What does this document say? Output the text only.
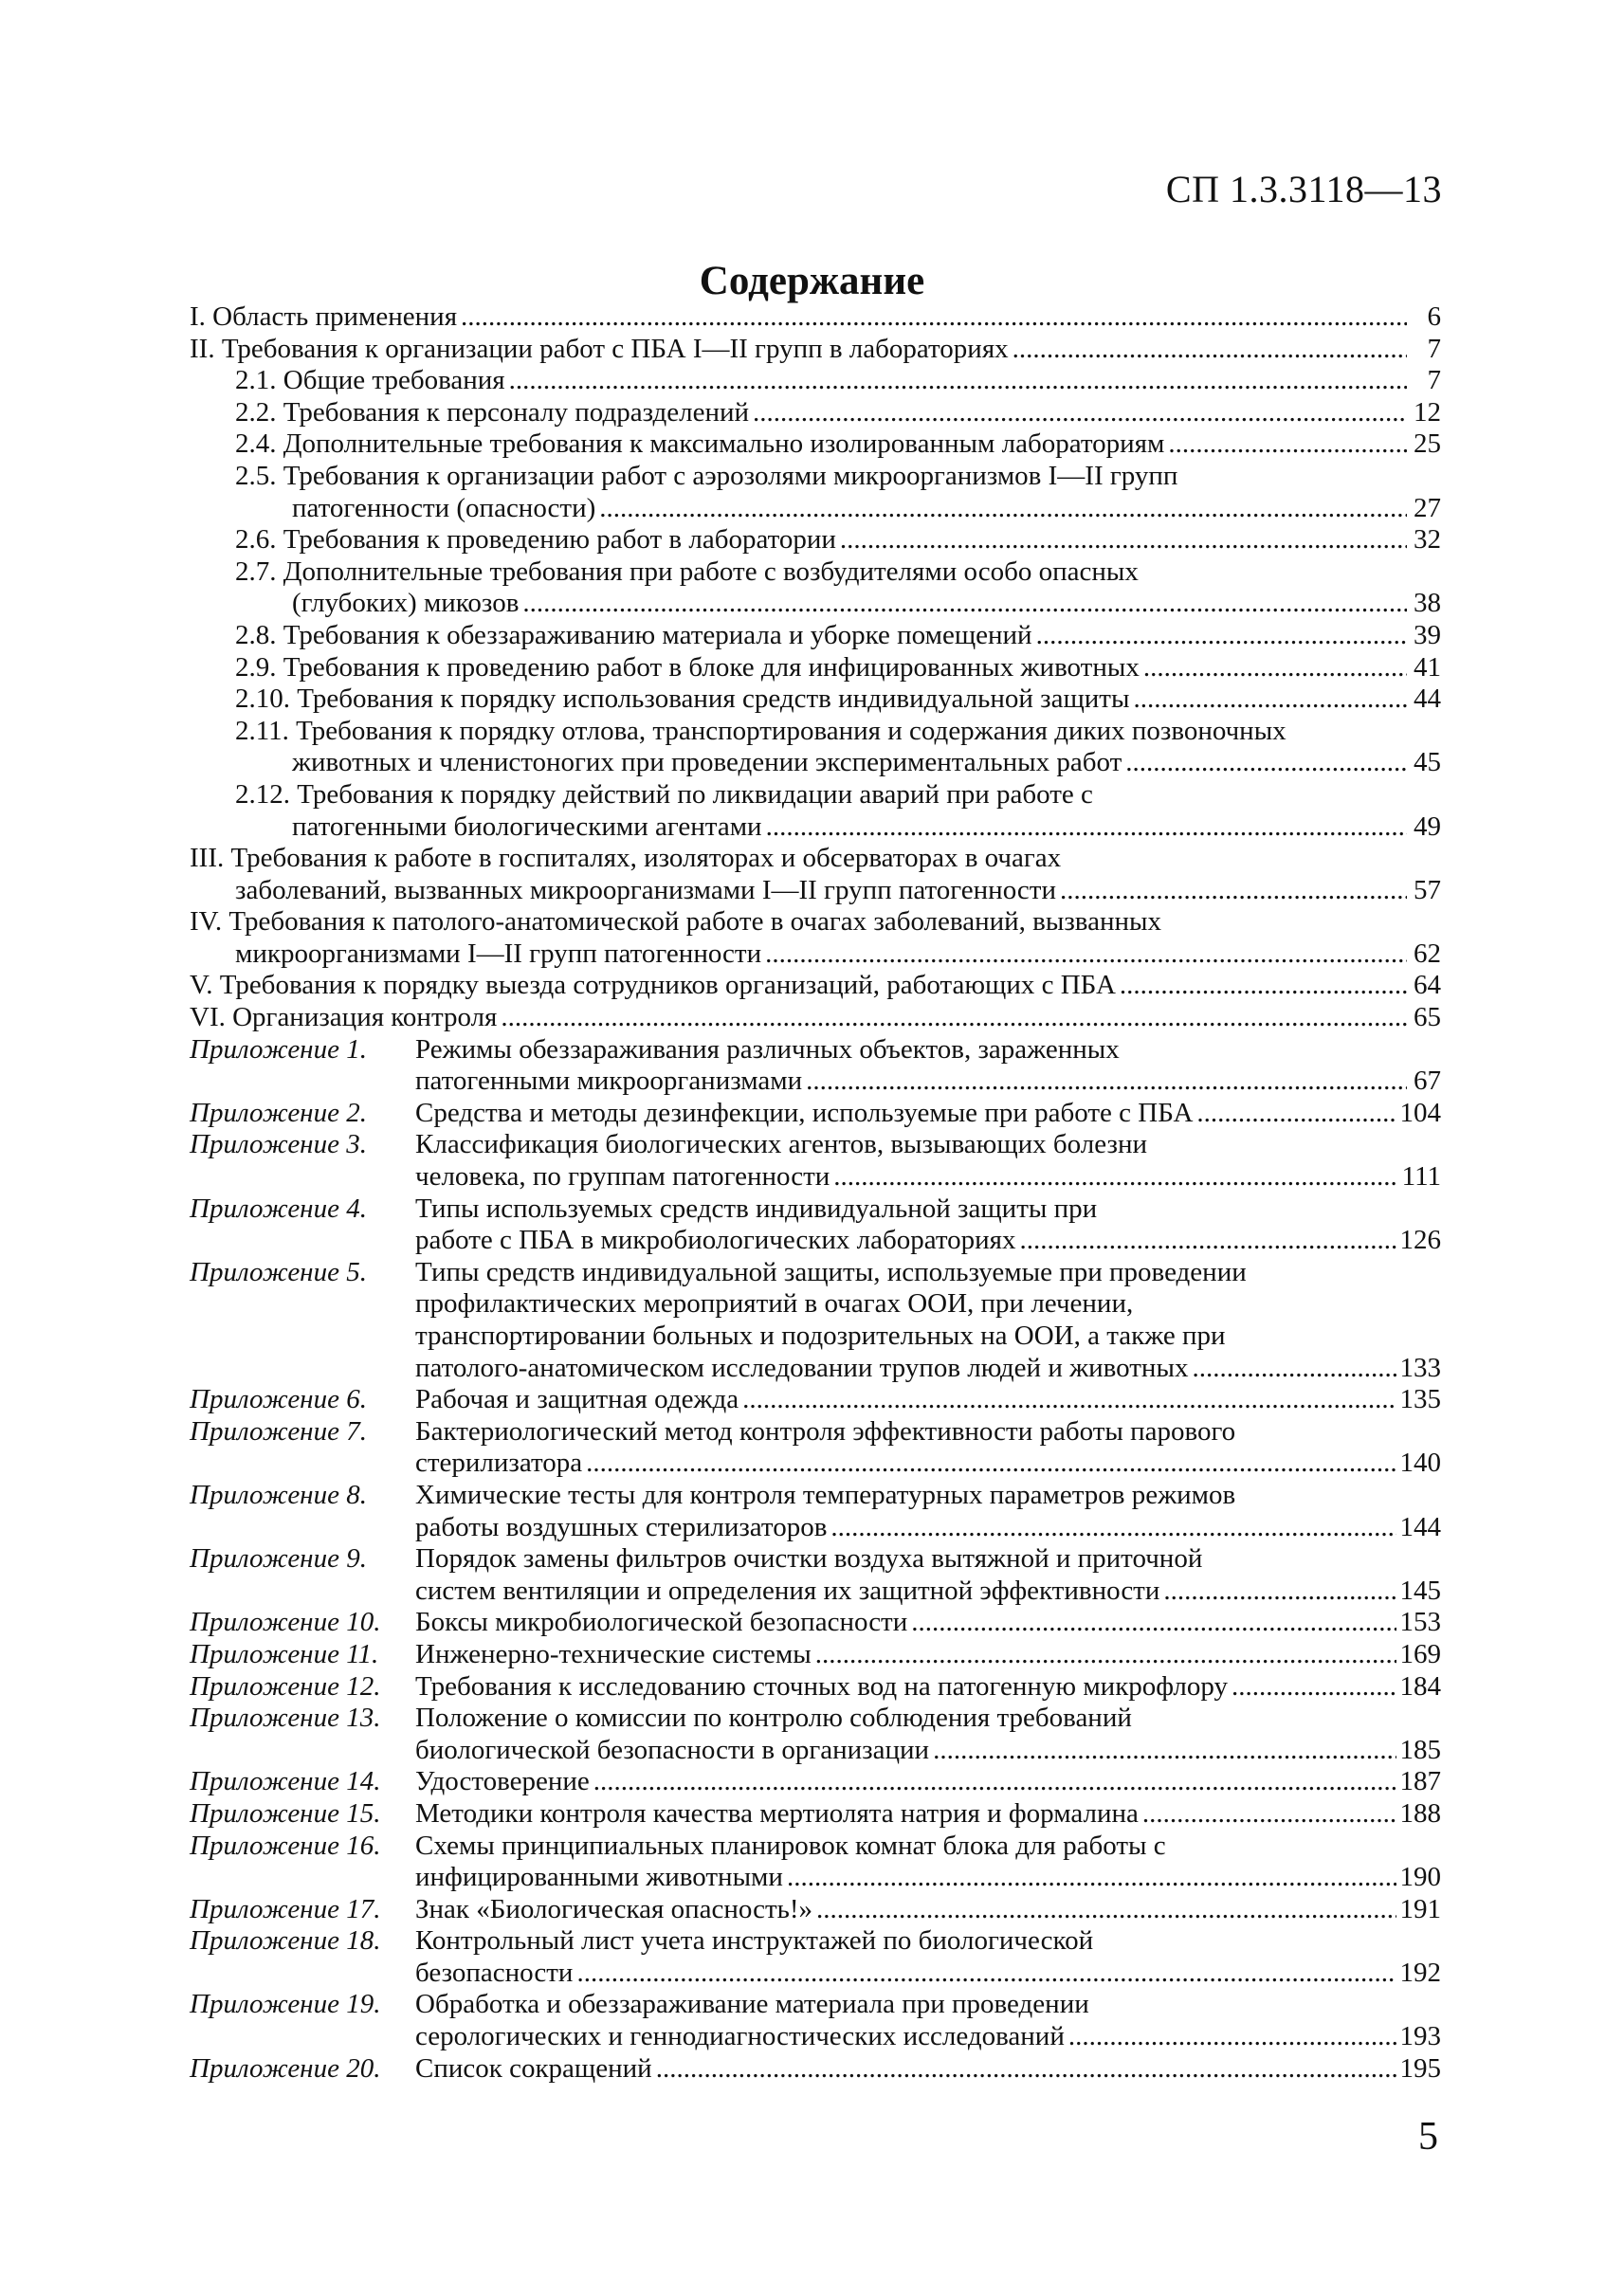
СП 1.3.3118—13
Содержание
I. Область применения .....	6
II. Требования к организации работ с ПБА I—II групп в лабораториях .....	7
2.1. Общие требования .....	7
2.2. Требования к персоналу подразделений .....	12
2.4. Дополнительные требования к максимально изолированным лабораториям .....	25
2.5. Требования к организации работ с аэрозолями микроорганизмов I—II групп
патогенности (опасности) .....	27
2.6. Требования к проведению работ в лаборатории .....	32
2.7. Дополнительные требования при работе с возбудителями особо опасных
(глубоких) микозов .....	38
2.8. Требования к обеззараживанию материала и уборке помещений .....	39
2.9. Требования к проведению работ в блоке для инфицированных животных .....	41
2.10. Требования к порядку использования средств индивидуальной защиты .....	44
2.11. Требования к порядку отлова, транспортирования и содержания диких позвоночных
животных и членистоногих при проведении экспериментальных работ .....	45
2.12. Требования к порядку действий по ликвидации аварий при работе с
патогенными биологическими агентами .....	49
III. Требования к работе в госпиталях, изоляторах и обсерваторах в очагах
заболеваний, вызванных микроорганизмами I—II групп патогенности .....	57
IV. Требования к патолого-анатомической работе в очагах заболеваний, вызванных
микроорганизмами I—II групп патогенности .....	62
V. Требования к порядку выезда сотрудников организаций, работающих с ПБА .....	64
VI. Организация контроля .....	65
Приложение 1.	Режимы обеззараживания различных объектов, зараженных
патогенными микроорганизмами .....	67
Приложение 2.	Средства и методы дезинфекции, используемые при работе с ПБА .....	104
Приложение 3.	Классификация биологических агентов, вызывающих болезни
человека, по группам патогенности .....	111
Приложение 4.	Типы используемых средств индивидуальной защиты при
работе с ПБА в микробиологических лабораториях .....	126
Приложение 5.	Типы средств индивидуальной защиты, используемые при проведении
профилактических мероприятий в очагах ООИ, при лечении,
транспортировании больных и подозрительных на ООИ, а также при
патолого-анатомическом исследовании трупов людей и животных .....	133
Приложение 6.	Рабочая и защитная одежда .....	135
Приложение 7.	Бактериологический метод контроля эффективности работы парового
стерилизатора .....	140
Приложение 8.	Химические тесты для контроля температурных параметров режимов
работы воздушных стерилизаторов .....	144
Приложение 9.	Порядок замены фильтров очистки воздуха вытяжной и приточной
систем вентиляции и определения их защитной эффективности .....	145
Приложение 10.	Боксы микробиологической безопасности .....	153
Приложение 11.	Инженерно-технические системы .....	169
Приложение 12.	Требования к исследованию сточных вод на патогенную микрофлору .....	184
Приложение 13.	Положение о комиссии по контролю соблюдения требований
биологической безопасности в организации .....	185
Приложение 14.	Удостоверение .....	187
Приложение 15.	Методики контроля качества мертиолята натрия и формалина .....	188
Приложение 16.	Схемы принципиальных планировок комнат блока для работы с
инфицированными животными .....	190
Приложение 17.	Знак «Биологическая опасность!» .....	191
Приложение 18.	Контрольный лист учета инструктажей по биологической
безопасности .....	192
Приложение 19.	Обработка и обеззараживание материала при проведении
серологических и геннодиагностических исследований .....	193
Приложение 20.	Список сокращений .....	195
5
